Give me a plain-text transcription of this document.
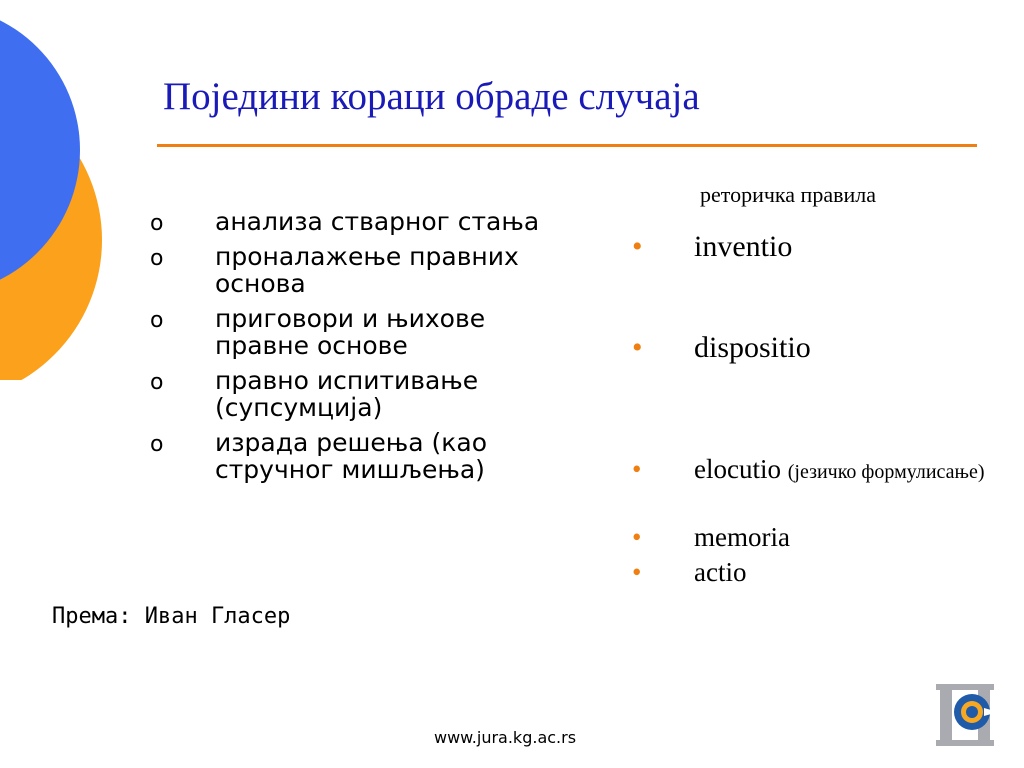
Поједини кораци обраде случаја
o анализа стварног стања
o проналажење правних основа
o приговори и њихове правне основе
o правно испитивање (супсумција)
o израда решења (као стручног мишљења)
реторичка правила
• inventio
• dispositio
• elocutio (језичко формулисање)
• memoria
• actio
Према: Иван Гласер
www.jura.kg.ac.rs
